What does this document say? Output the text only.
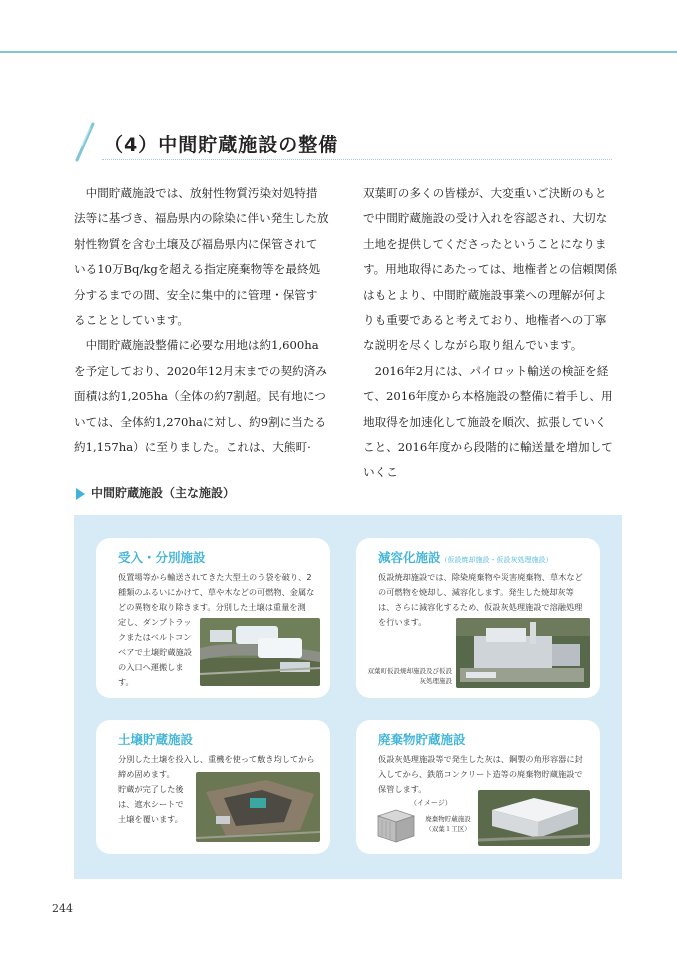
（4）中間貯蔵施設の整備

中間貯蔵施設では、放射性物質汚染対処特措法等に基づき、福島県内の除染に伴い発生した放射性物質を含む土壌及び福島県内に保管されている10万Bq/kgを超える指定廃棄物等を最終処分するまでの間、安全に集中的に管理・保管することとしています。

中間貯蔵施設整備に必要な用地は約1,600haを予定しており、2020年12月末までの契約済み面積は約1,205ha（全体の約7割超。民有地については、全体約1,270haに対し、約9割に当たる約1,157ha）に至りました。これは、大熊町·

双葉町の多くの皆様が、大変重いご決断のもとで中間貯蔵施設の受け入れを容認され、大切な土地を提供してくださったということになります。用地取得にあたっては、地権者との信頼関係はもとより、中間貯蔵施設事業への理解が何よりも重要であると考えており、地権者への丁寧な説明を尽くしながら取り組んでいます。

2016年2月には、パイロット輸送の検証を経て、2016年度から本格施設の整備に着手し、用地取得を加速化して施設を順次、拡張していくこと、2016年度から段階的に輸送量を増加していくこ

中間貯蔵施設（主な施設）
受入・分別施設
仮置場等から輸送されてきた大型土のう袋を破り、2種類のふるいにかけて、草や木などの可燃物、金属などの異物を取り除きます。分別した土壌は重量を測
定し、ダンプトラックまたはベルトコンベアで土壌貯蔵施設の入口へ運搬します。
減容化施設（仮設焼却施設・仮設灰処理施設）
仮設焼却施設では、除染廃棄物や災害廃棄物、草木などの可燃物を焼却し、減容化します。発生した焼却灰等は、さらに減容化するため、仮設灰処理施設で溶融処理を行います。
双葉町仮設焼却施設及び仮設灰処理施設
土壌貯蔵施設
分別した土壌を投入し、重機を使って敷き均してから締め固めます。
貯蔵が完了した後は、遮水シートで土壌を覆います。
廃棄物貯蔵施設
仮設灰処理施設等で発生した灰は、鋼製の角形容器に封入してから、鉄筋コンクリート造等の廃棄物貯蔵施設で保管します。
（イメージ）
廃棄物貯蔵施設（双葉１工区）
244
